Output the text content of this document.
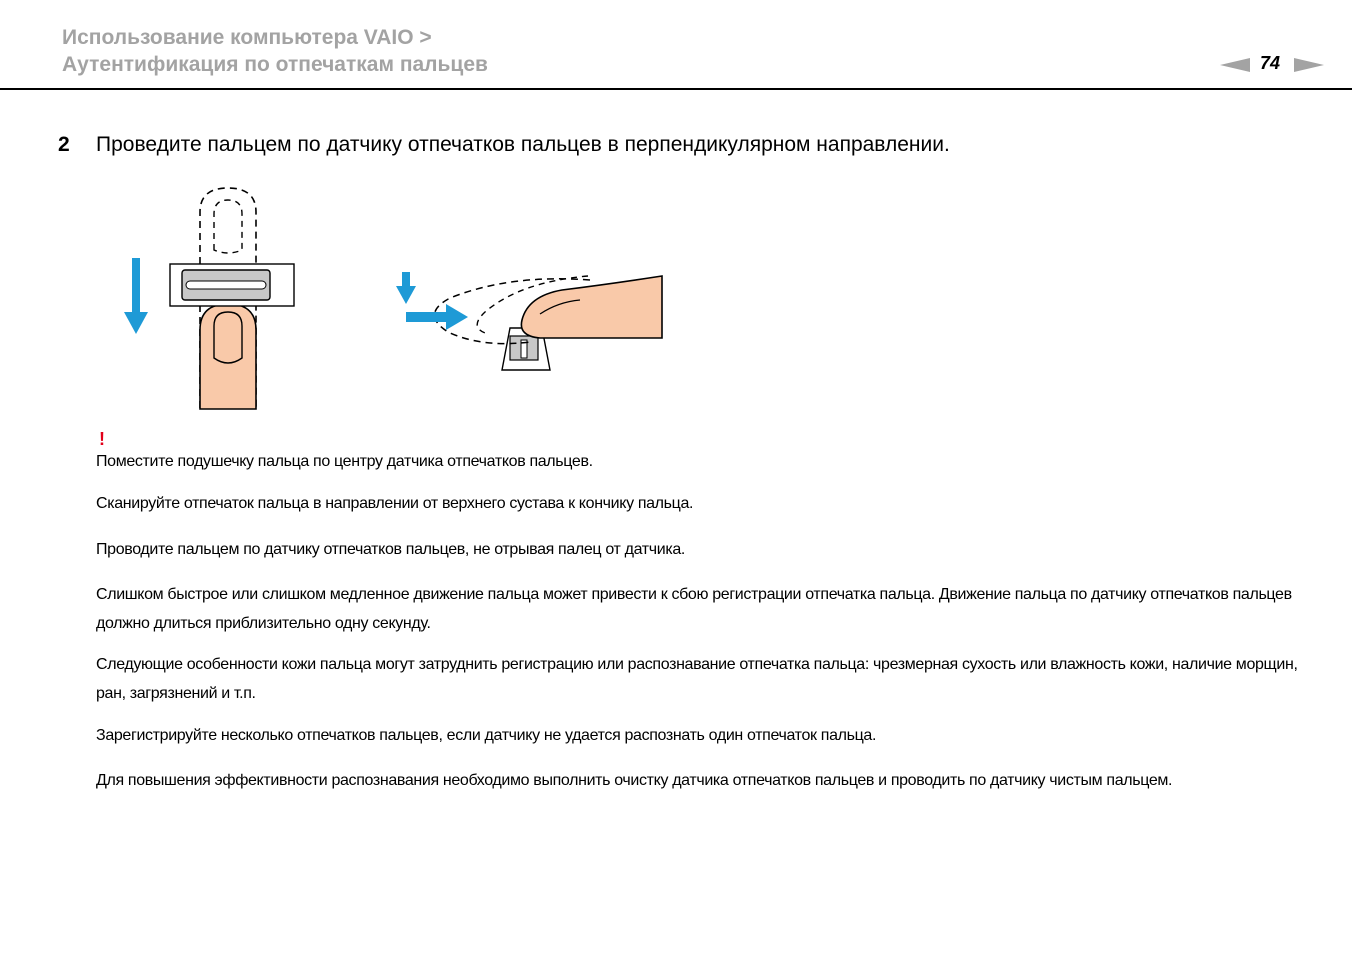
Использование компьютера VAIO >
Аутентификация по отпечаткам пальцев	74
2 Проведите пальцем по датчику отпечатков пальцев в перпендикулярном направлении.
!
Поместите подушечку пальца по центру датчика отпечатков пальцев.
Сканируйте отпечаток пальца в направлении от верхнего сустава к кончику пальца.
Проводите пальцем по датчику отпечатков пальцев, не отрывая палец от датчика.
Слишком быстрое или слишком медленное движение пальца может привести к сбою регистрации отпечатка пальца. Движение пальца по датчику отпечатков пальцев должно длиться приблизительно одну секунду.
Следующие особенности кожи пальца могут затруднить регистрацию или распознавание отпечатка пальца: чрезмерная сухость или влажность кожи, наличие морщин, ран, загрязнений и т.п.
Зарегистрируйте несколько отпечатков пальцев, если датчику не удается распознать один отпечаток пальца.
Для повышения эффективности распознавания необходимо выполнить очистку датчика отпечатков пальцев и проводить по датчику чистым пальцем.
